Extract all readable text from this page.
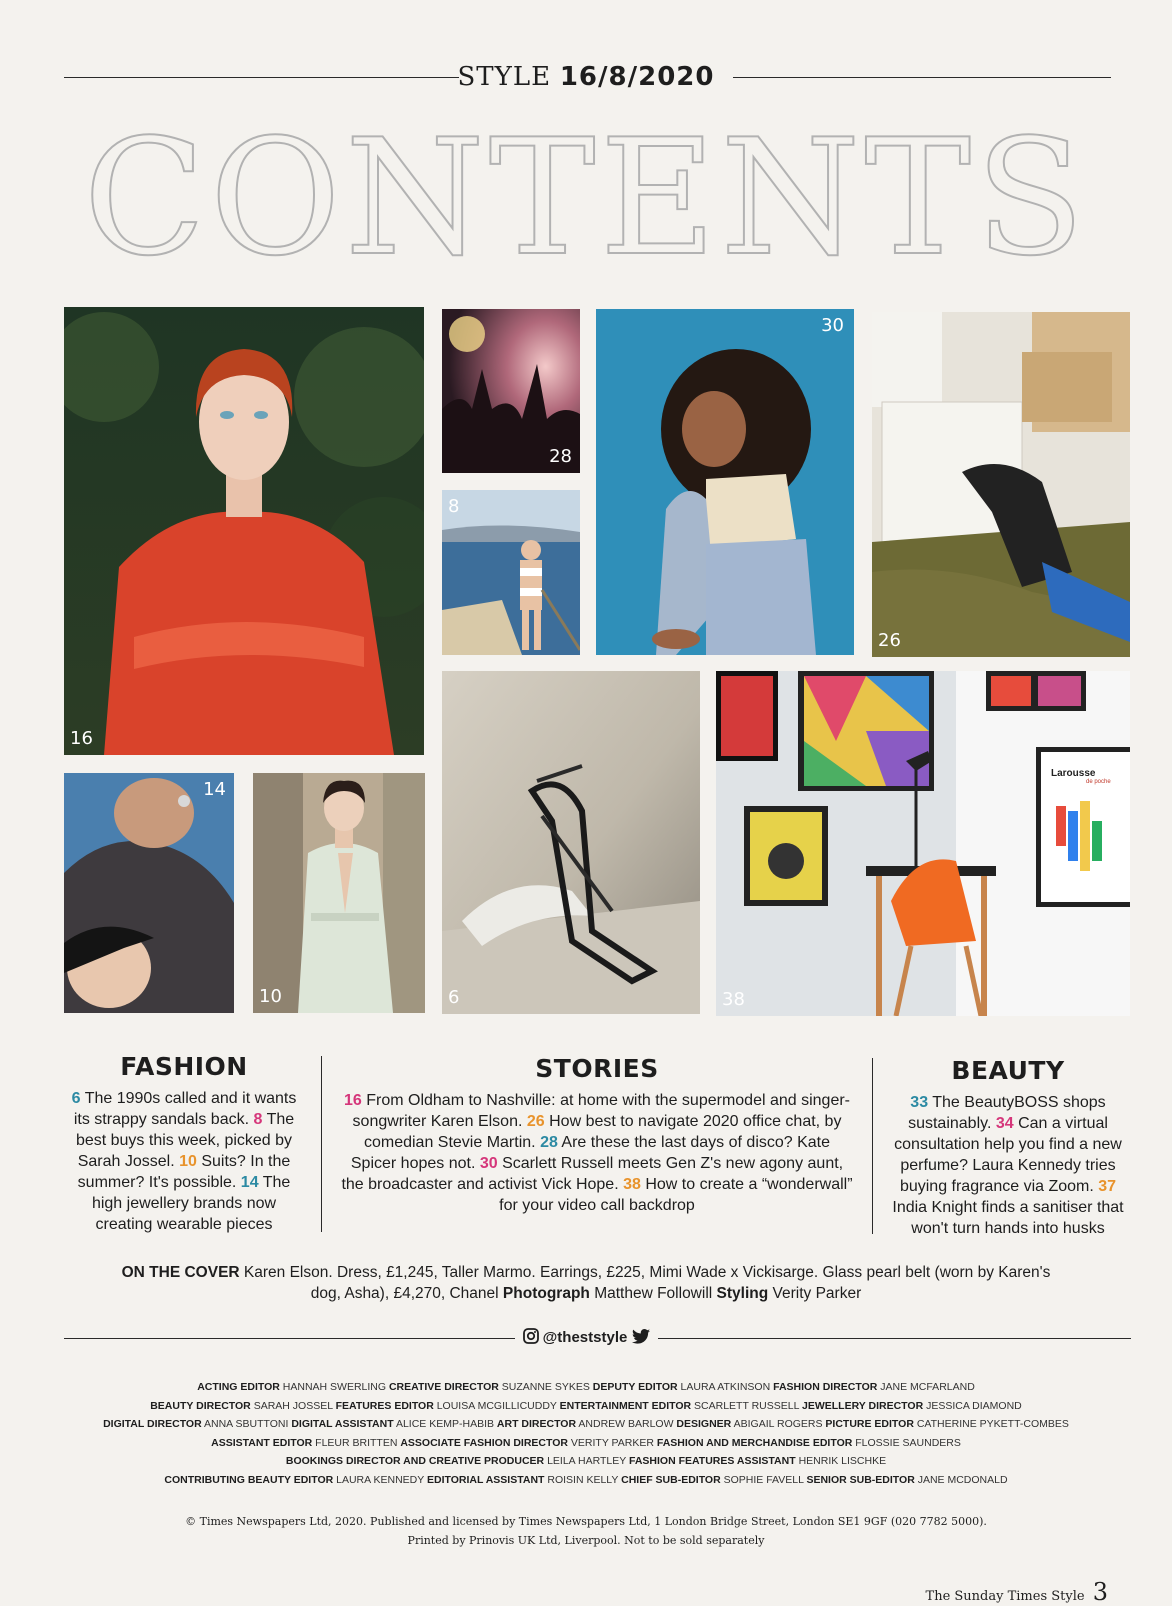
STYLE 16/8/2020
CONTENTS
16
28
8
30
26
14
10	6
Larousse
de poche
38
FASHION
6 The 1990s called and it wants its strappy sandals back. 8 The best buys this week, picked by Sarah Jossel. 10 Suits? In the summer? It's possible. 14 The high jewellery brands now creating wearable pieces
STORIES
16 From Oldham to Nashville: at home with the supermodel and singer-songwriter Karen Elson. 26 How best to navigate 2020 office chat, by comedian Stevie Martin. 28 Are these the last days of disco? Kate Spicer hopes not. 30 Scarlett Russell meets Gen Z's new agony aunt, the broadcaster and activist Vick Hope. 38 How to create a “wonderwall” for your video call backdrop
BEAUTY
33 The BeautyBOSS shops sustainably. 34 Can a virtual consultation help you find a new perfume? Laura Kennedy tries buying fragrance via Zoom. 37 India Knight finds a sanitiser that won't turn hands into husks
ON THE COVER Karen Elson. Dress, £1,245, Taller Marmo. Earrings, £225, Mimi Wade x Vickisarge. Glass pearl belt (worn by Karen's dog, Asha), £4,270, Chanel Photograph Matthew Followill Styling Verity Parker
@theststyle
ACTING EDITOR HANNAH SWERLING CREATIVE DIRECTOR SUZANNE SYKES DEPUTY EDITOR LAURA ATKINSON FASHION DIRECTOR JANE MCFARLAND
BEAUTY DIRECTOR SARAH JOSSEL FEATURES EDITOR LOUISA MCGILLICUDDY ENTERTAINMENT EDITOR SCARLETT RUSSELL JEWELLERY DIRECTOR JESSICA DIAMOND
DIGITAL DIRECTOR ANNA SBUTTONI DIGITAL ASSISTANT ALICE KEMP-HABIB ART DIRECTOR ANDREW BARLOW DESIGNER ABIGAIL ROGERS PICTURE EDITOR CATHERINE PYKETT-COMBES
ASSISTANT EDITOR FLEUR BRITTEN ASSOCIATE FASHION DIRECTOR VERITY PARKER FASHION AND MERCHANDISE EDITOR FLOSSIE SAUNDERS
BOOKINGS DIRECTOR AND CREATIVE PRODUCER LEILA HARTLEY FASHION FEATURES ASSISTANT HENRIK LISCHKE
CONTRIBUTING BEAUTY EDITOR LAURA KENNEDY EDITORIAL ASSISTANT ROISIN KELLY CHIEF SUB-EDITOR SOPHIE FAVELL SENIOR SUB-EDITOR JANE MCDONALD
© Times Newspapers Ltd, 2020. Published and licensed by Times Newspapers Ltd, 1 London Bridge Street, London SE1 9GF (020 7782 5000).
Printed by Prinovis UK Ltd, Liverpool. Not to be sold separately
The Sunday Times Style 3
